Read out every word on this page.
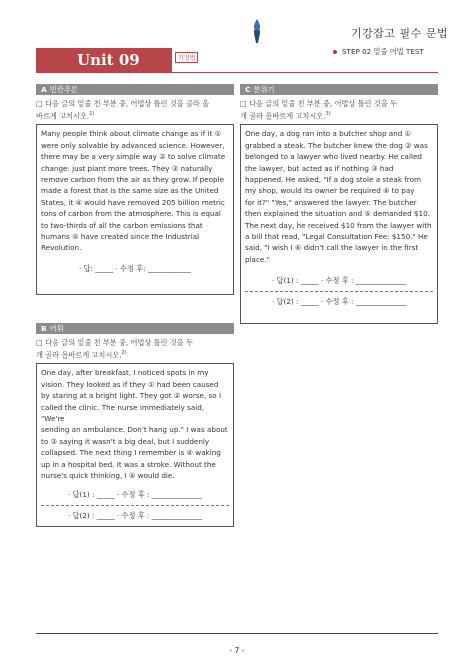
기강잡고 필수 문법
Unit 09	가정법
STEP 02 밑줄 어법 TEST
A 빈칸추론
□ 다음 글의 밑줄 친 부분 중, 어법상 틀린 것을 골라 올
바르게 고치시오.$^{1)}$
Many people think about climate change as if it ①
were only solvable by advanced science. However,
there may be a very simple way ② to solve climate
change: just plant more trees. They ③ naturally
remove carbon from the air as they grow. If people
made a forest that is the same size as the United
States, it ④ would have removed 205 billion metric
tons of carbon from the atmosphere. This is equal
to two-thirds of all the carbon emissions that
humans ⑤ have created since the Industrial
Revolution.
· 답: _____ · 수정 후: ____________
B 어휘
□ 다음 글의 밑줄 친 부분 중, 어법상 틀린 것을 두
개 골라 올바르게 고치시오.$^{2)}$
One day, after breakfast, I noticed spots in my
vision. They looked as if they ① had been caused
by staring at a bright light. They got ② worse, so I
called the clinic. The nurse immediately said, "We're
sending an ambulance. Don't hang up." I was about
to ③ saying it wasn't a big deal, but I suddenly
collapsed. The next thing I remember is ④ waking
up in a hospital bed. It was a stroke. Without the
nurse's quick thinking, I ⑤ would die.
· 답(1) : _____ · 수정 후 : ______________
· 답(2) : _____ · 수정 후 : ______________
C 분위기
□ 다음 글의 밑줄 친 부분 중, 어법상 틀린 것을 두
개 골라 올바르게 고치시오.$^{3)}$
One day, a dog ran into a butcher shop and ①
grabbed a steak. The butcher knew the dog ② was
belonged to a lawyer who lived nearby. He called
the lawyer, but acted as if nothing ③ had
happened. He asked, "If a dog stole a steak from
my shop, would its owner be required ④ to pay
for it?" "Yes," answered the lawyer. The butcher
then explained the situation and ⑤ demanded $10.
The next day, he received $10 from the lawyer with
a bill that read, "Legal Consultation Fee: $150." He
said, "I wish I ⑥ didn't call the lawyer in the first
place."
· 답(1) : _____ · 수정 후 : ______________
· 답(2) : _____ · 수정 후 : ______________
- 7 -
